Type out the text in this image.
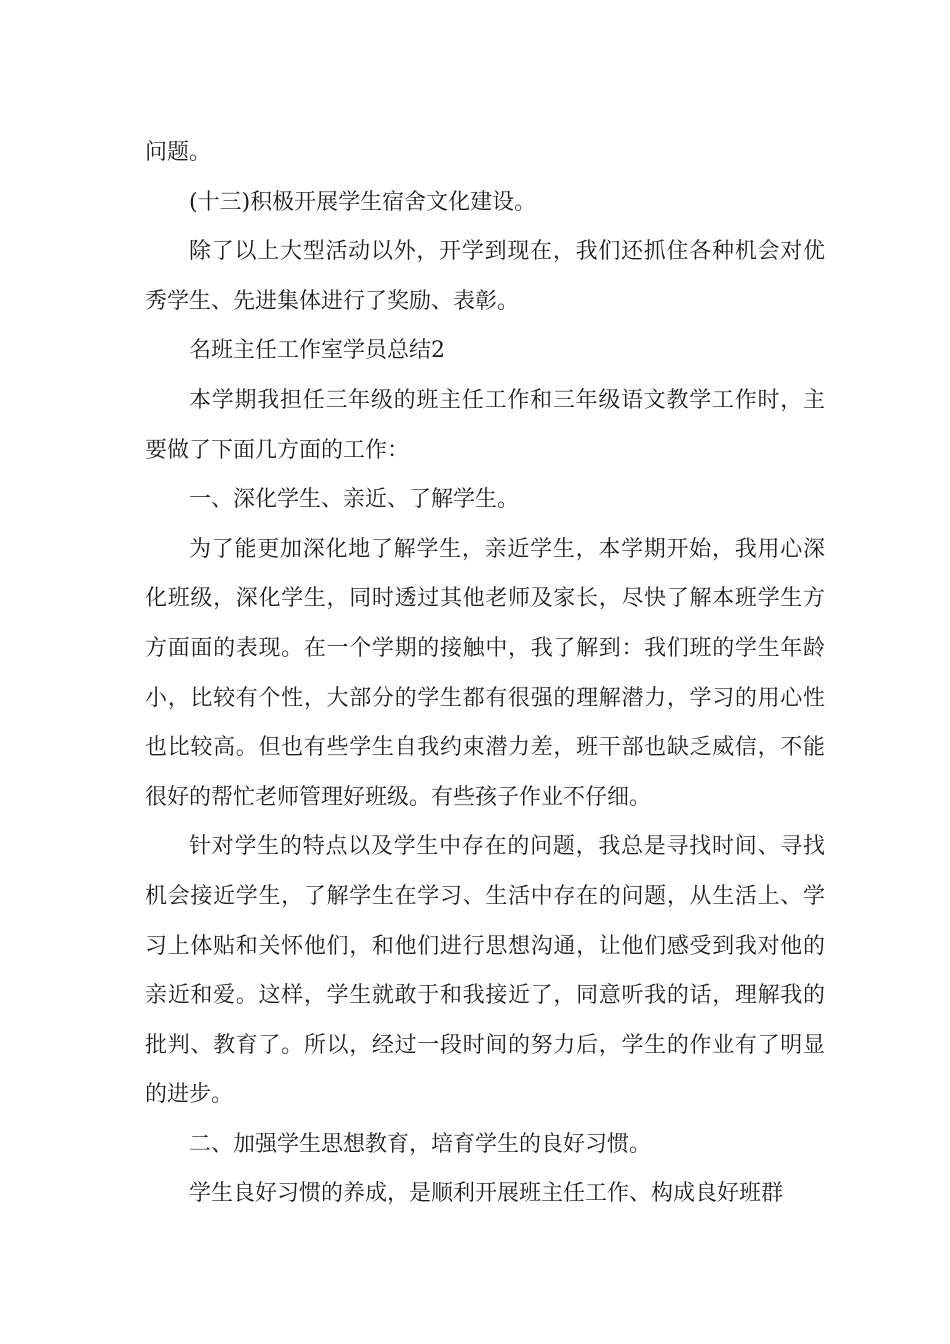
问题。

(十三)积极开展学生宿舍文化建设。

除了以上大型活动以外，开学到现在，我们还抓住各种机会对优秀学生、先进集体进行了奖励、表彰。

名班主任工作室学员总结2

本学期我担任三年级的班主任工作和三年级语文教学工作时，主要做了下面几方面的工作：

一、深化学生、亲近、了解学生。

为了能更加深化地了解学生，亲近学生，本学期开始，我用心深化班级，深化学生，同时透过其他老师及家长，尽快了解本班学生方方面面的表现。在一个学期的接触中，我了解到：我们班的学生年龄小，比较有个性，大部分的学生都有很强的理解潜力，学习的用心性也比较高。但也有些学生自我约束潜力差，班干部也缺乏威信，不能很好的帮忙老师管理好班级。有些孩子作业不仔细。

针对学生的特点以及学生中存在的问题，我总是寻找时间、寻找机会接近学生，了解学生在学习、生活中存在的问题，从生活上、学习上体贴和关怀他们，和他们进行思想沟通，让他们感受到我对他的亲近和爱。这样，学生就敢于和我接近了，同意听我的话，理解我的批判、教育了。所以，经过一段时间的努力后，学生的作业有了明显的进步。

二、加强学生思想教育，培育学生的良好习惯。

学生良好习惯的养成，是顺利开展班主任工作、构成良好班群
